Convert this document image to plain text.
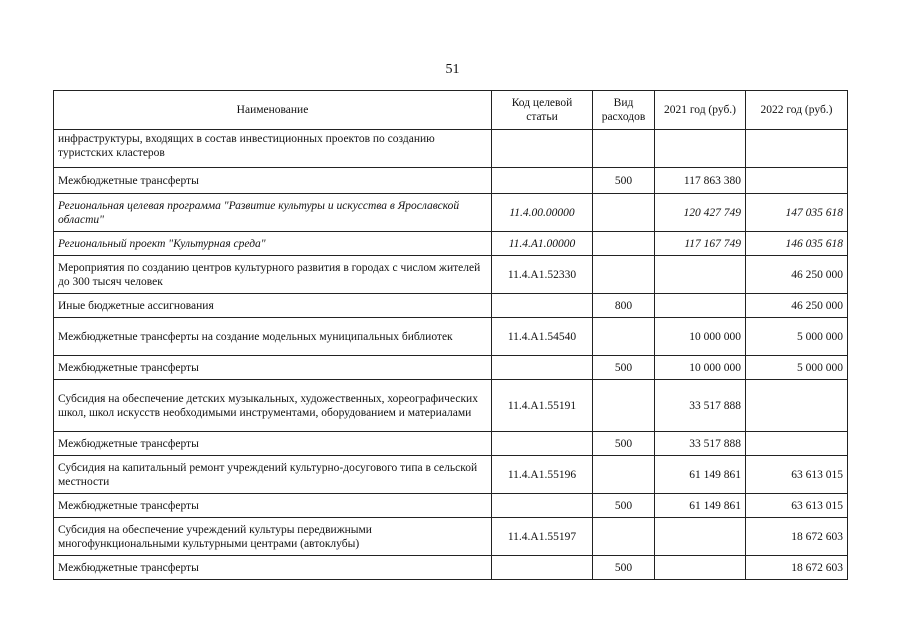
51
Наименование	Код целевой статьи	Вид расходов	2021 год (руб.)	2022 год (руб.)
инфраструктуры, входящих в состав инвестиционных проектов по созданию туристских кластеров				
Межбюджетные трансферты		500	117 863 380	
Региональная целевая программа "Развитие культуры и искусства в Ярославской области"	11.4.00.00000		120 427 749	147 035 618
Региональный проект "Культурная среда"	11.4.А1.00000		117 167 749	146 035 618
Мероприятия по созданию центров культурного развития в городах с числом жителей до 300 тысяч человек	11.4.А1.52330			46 250 000
Иные бюджетные ассигнования		800		46 250 000
Межбюджетные трансферты на создание модельных муниципальных библиотек	11.4.А1.54540		10 000 000	5 000 000
Межбюджетные трансферты		500	10 000 000	5 000 000
Субсидия на обеспечение детских музыкальных, художественных, хореографических школ, школ искусств необходимыми инструментами, оборудованием и материалами	11.4.А1.55191		33 517 888	
Межбюджетные трансферты		500	33 517 888	
Субсидия на капитальный ремонт учреждений культурно-досугового типа в сельской местности	11.4.А1.55196		61 149 861	63 613 015
Межбюджетные трансферты		500	61 149 861	63 613 015
Субсидия на обеспечение учреждений культуры передвижными многофункциональными культурными центрами (автоклубы)	11.4.А1.55197			18 672 603
Межбюджетные трансферты		500		18 672 603
